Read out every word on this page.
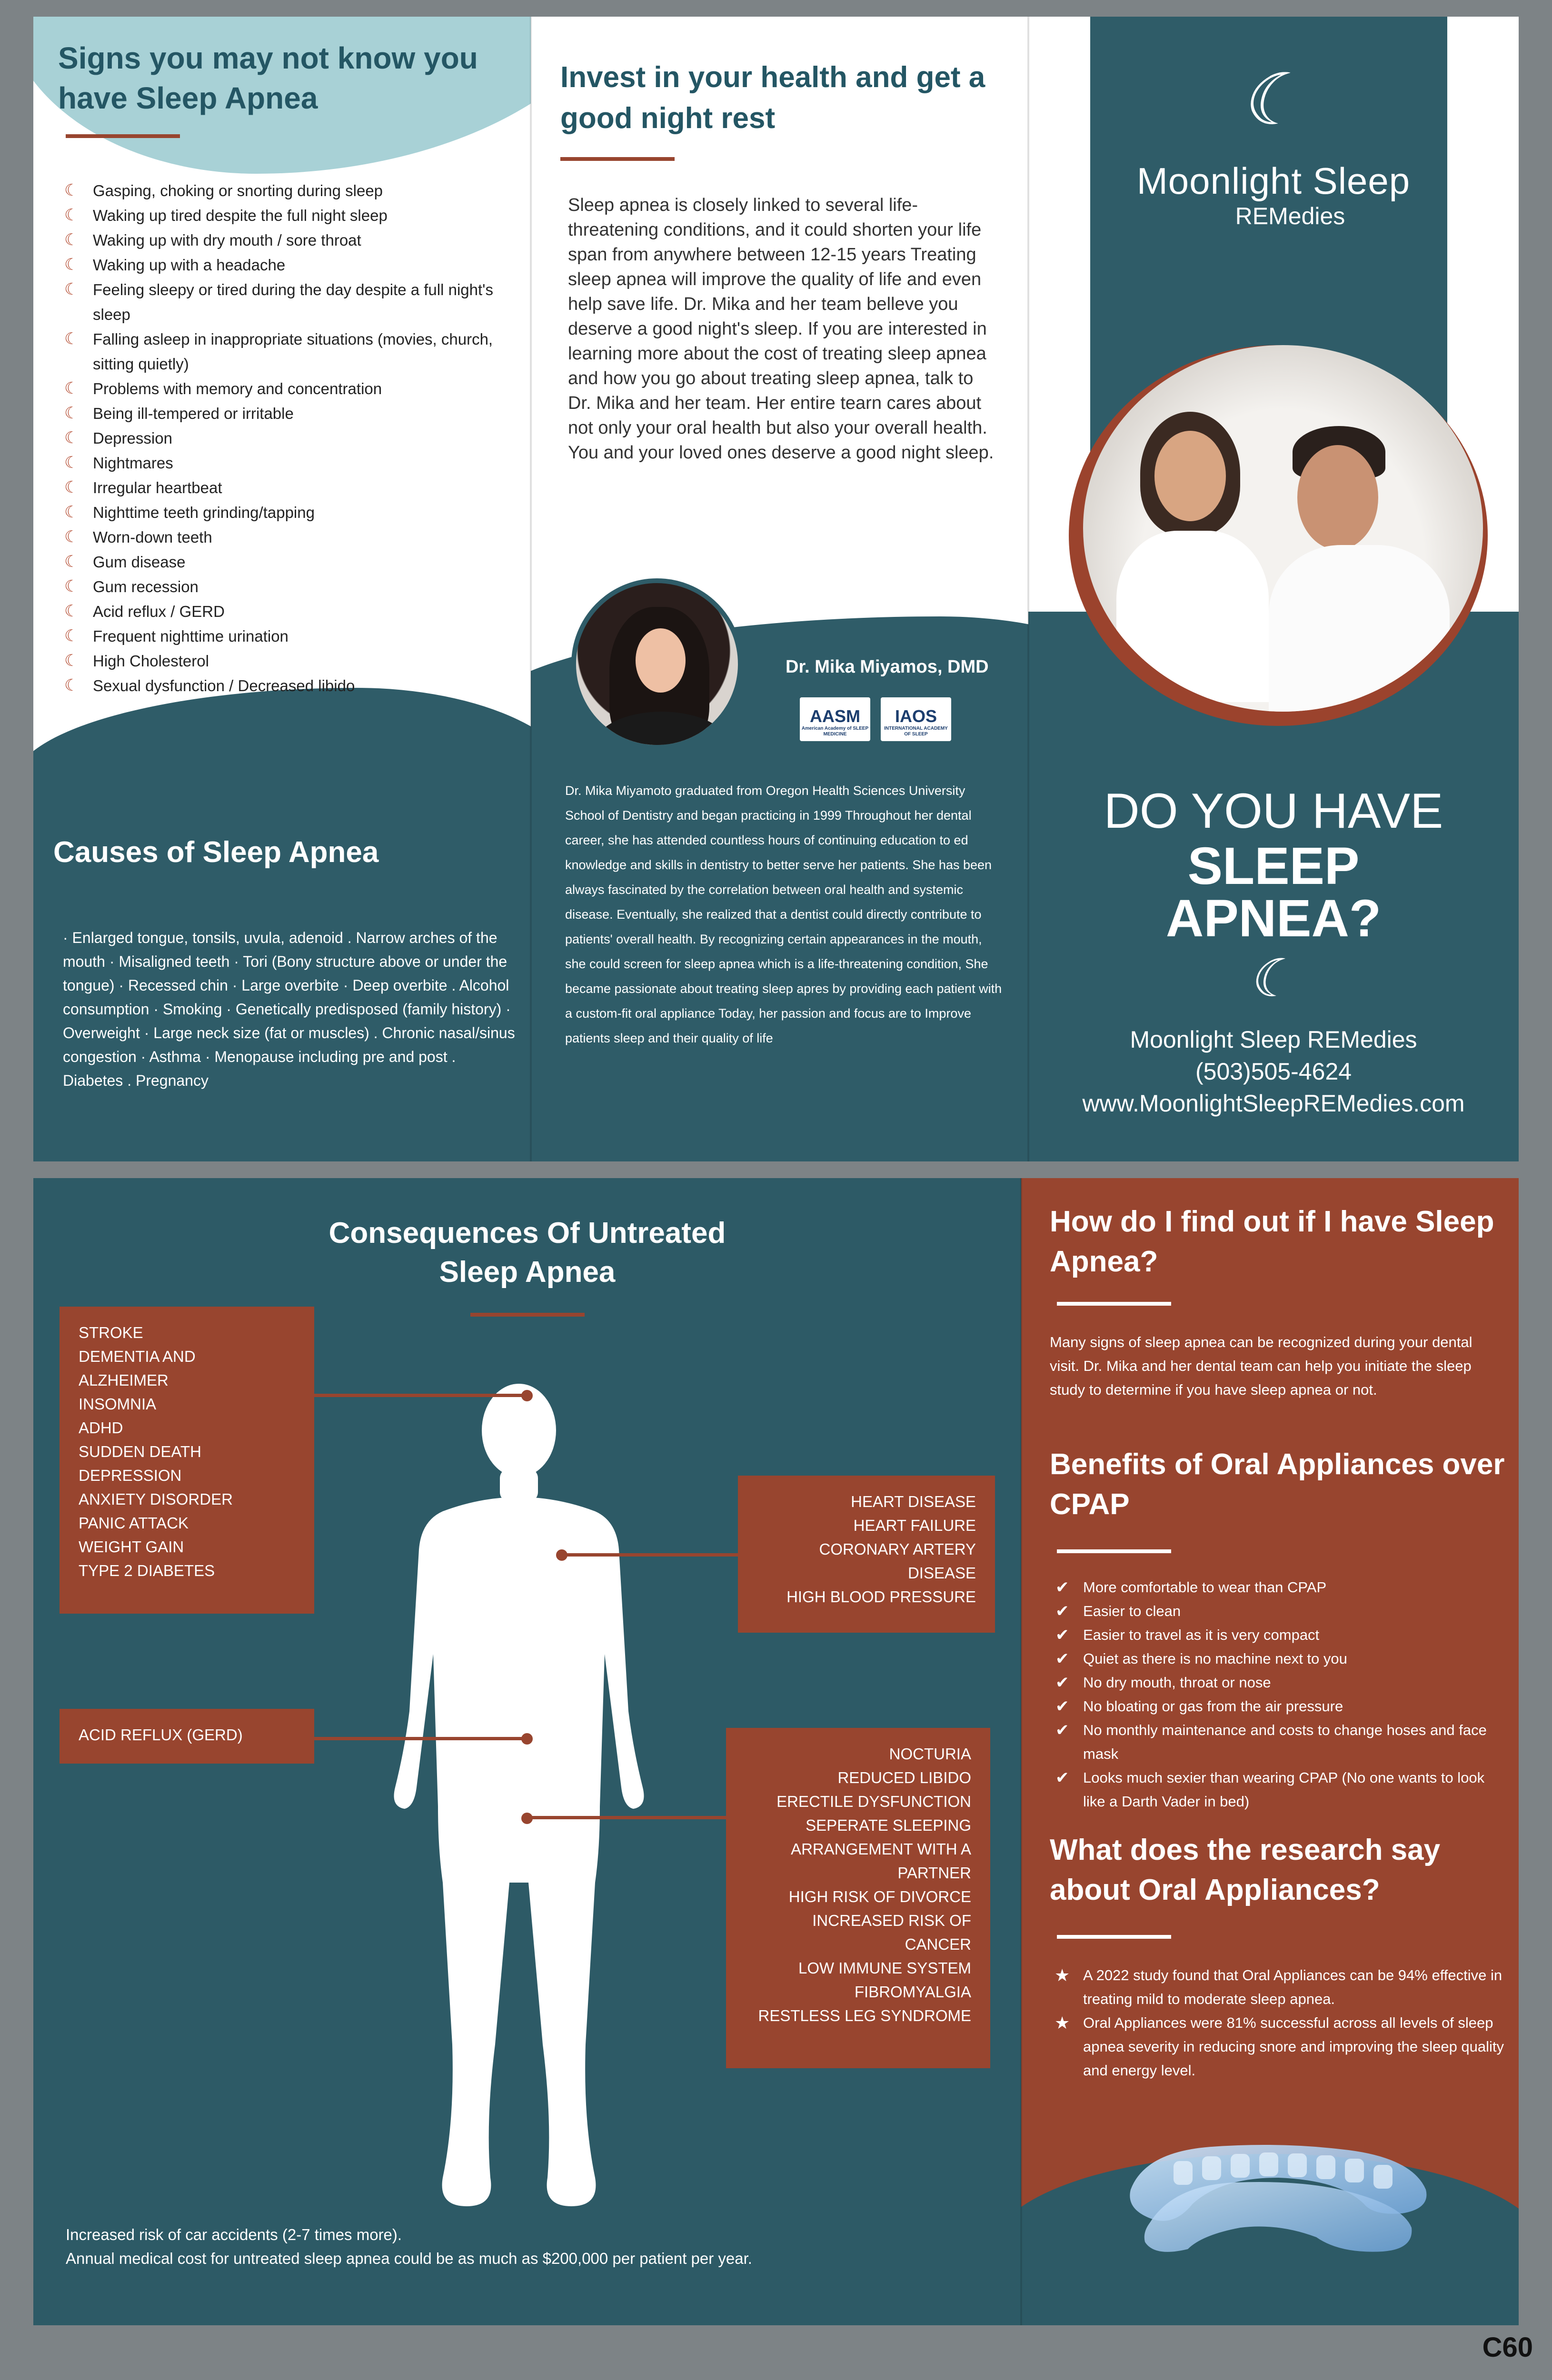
Signs you may not know you have Sleep Apnea
☾ Gasping, choking or snorting during sleep
☾ Waking up tired despite the full night sleep
☾ Waking up with dry mouth / sore throat
☾ Waking up with a headache
☾ Feeling sleepy or tired during the day despite a full night's sleep
☾ Falling asleep in inappropriate situations (movies, church, sitting quietly)
☾ Problems with memory and concentration
☾ Being ill-tempered or irritable
☾ Depression
☾ Nightmares
☾ Irregular heartbeat
☾ Nighttime teeth grinding/tapping
☾ Worn-down teeth
☾ Gum disease
☾ Gum recession
☾ Acid reflux / GERD
☾ Frequent nighttime urination
☾ High Cholesterol
☾ Sexual dysfunction / Decreased libido
Causes of Sleep Apnea

· Enlarged tongue, tonsils, uvula, adenoid . Narrow arches of the mouth · Misaligned teeth · Tori (Bony structure above or under the tongue) · Recessed chin · Large overbite · Deep overbite . Alcohol consumption · Smoking · Genetically predisposed (family history) · Overweight · Large neck size (fat or muscles) . Chronic nasal/sinus congestion · Asthma · Menopause including pre and post . Diabetes . Pregnancy

Invest in your health and get a good night rest

Sleep apnea is closely linked to several life-threatening conditions, and it could shorten your life span from anywhere between 12-15 years Treating sleep apnea will improve the quality of life and even help save life. Dr. Mika and her team belleve you deserve a good night's sleep. If you are interested in learning more about the cost of treating sleep apnea and how you go about treating sleep apnea, talk to Dr. Mika and her team. Her entire tearn cares about not only your oral health but also your overall health. You and your loved ones deserve a good night sleep.

Dr. Mika Miyamos, DMD
AASM
American Academy of SLEEP MEDICINE
IAOS
INTERNATIONAL ACADEMY OF SLEEP

Dr. Mika Miyamoto graduated from Oregon Health Sciences University School of Dentistry and began practicing in 1999 Throughout her dental career, she has attended countless hours of continuing education to ed knowledge and skills in dentistry to better serve her patients. She has been always fascinated by the correlation between oral health and systemic disease. Eventually, she realized that a dentist could directly contribute to patients' overall health. By recognizing certain appearances in the mouth, she could screen for sleep apnea which is a life-threatening condition, She became passionate about treating sleep apres by providing each patient with a custom-fit oral appliance Today, her passion and focus are to Improve patients sleep and their quality of life

☾
Moonlight Sleep
REMedies
DO YOU HAVE
SLEEP
APNEA?
☾
Moonlight Sleep REMedies
(503)505-4624
www.MoonlightSleepREMedies.com
Consequences Of Untreated
Sleep Apnea
STROKE
DEMENTIA AND
ALZHEIMER
INSOMNIA
ADHD
SUDDEN DEATH
DEPRESSION
ANXIETY DISORDER
PANIC ATTACK
WEIGHT GAIN
TYPE 2 DIABETES
HEART DISEASE
HEART FAILURE
CORONARY ARTERY
DISEASE
HIGH BLOOD PRESSURE
ACID REFLUX (GERD)
NOCTURIA
REDUCED LIBIDO
ERECTILE DYSFUNCTION
SEPERATE SLEEPING
ARRANGEMENT WITH A
PARTNER
HIGH RISK OF DIVORCE
INCREASED RISK OF
CANCER
LOW IMMUNE SYSTEM
FIBROMYALGIA
RESTLESS LEG SYNDROME
Increased risk of car accidents (2-7 times more).
Annual medical cost for untreated sleep apnea could be as much as $200,000 per patient per year.
How do I find out if I have Sleep Apnea?

Many signs of sleep apnea can be recognized during your dental visit. Dr. Mika and her dental team can help you initiate the sleep study to determine if you have sleep apnea or not.

Benefits of Oral Appliances over CPAP
✔ More comfortable to wear than CPAP
✔ Easier to clean
✔ Easier to travel as it is very compact
✔ Quiet as there is no machine next to you
✔ No dry mouth, throat or nose
✔ No bloating or gas from the air pressure
✔ No monthly maintenance and costs to change hoses and face mask
✔ Looks much sexier than wearing CPAP (No one wants to look like a Darth Vader in bed)
What does the research say about Oral Appliances?
★ A 2022 study found that Oral Appliances can be 94% effective in treating mild to moderate sleep apnea.
★ Oral Appliances were 81% successful across all levels of sleep apnea severity in reducing snore and improving the sleep quality and energy level.
C60
